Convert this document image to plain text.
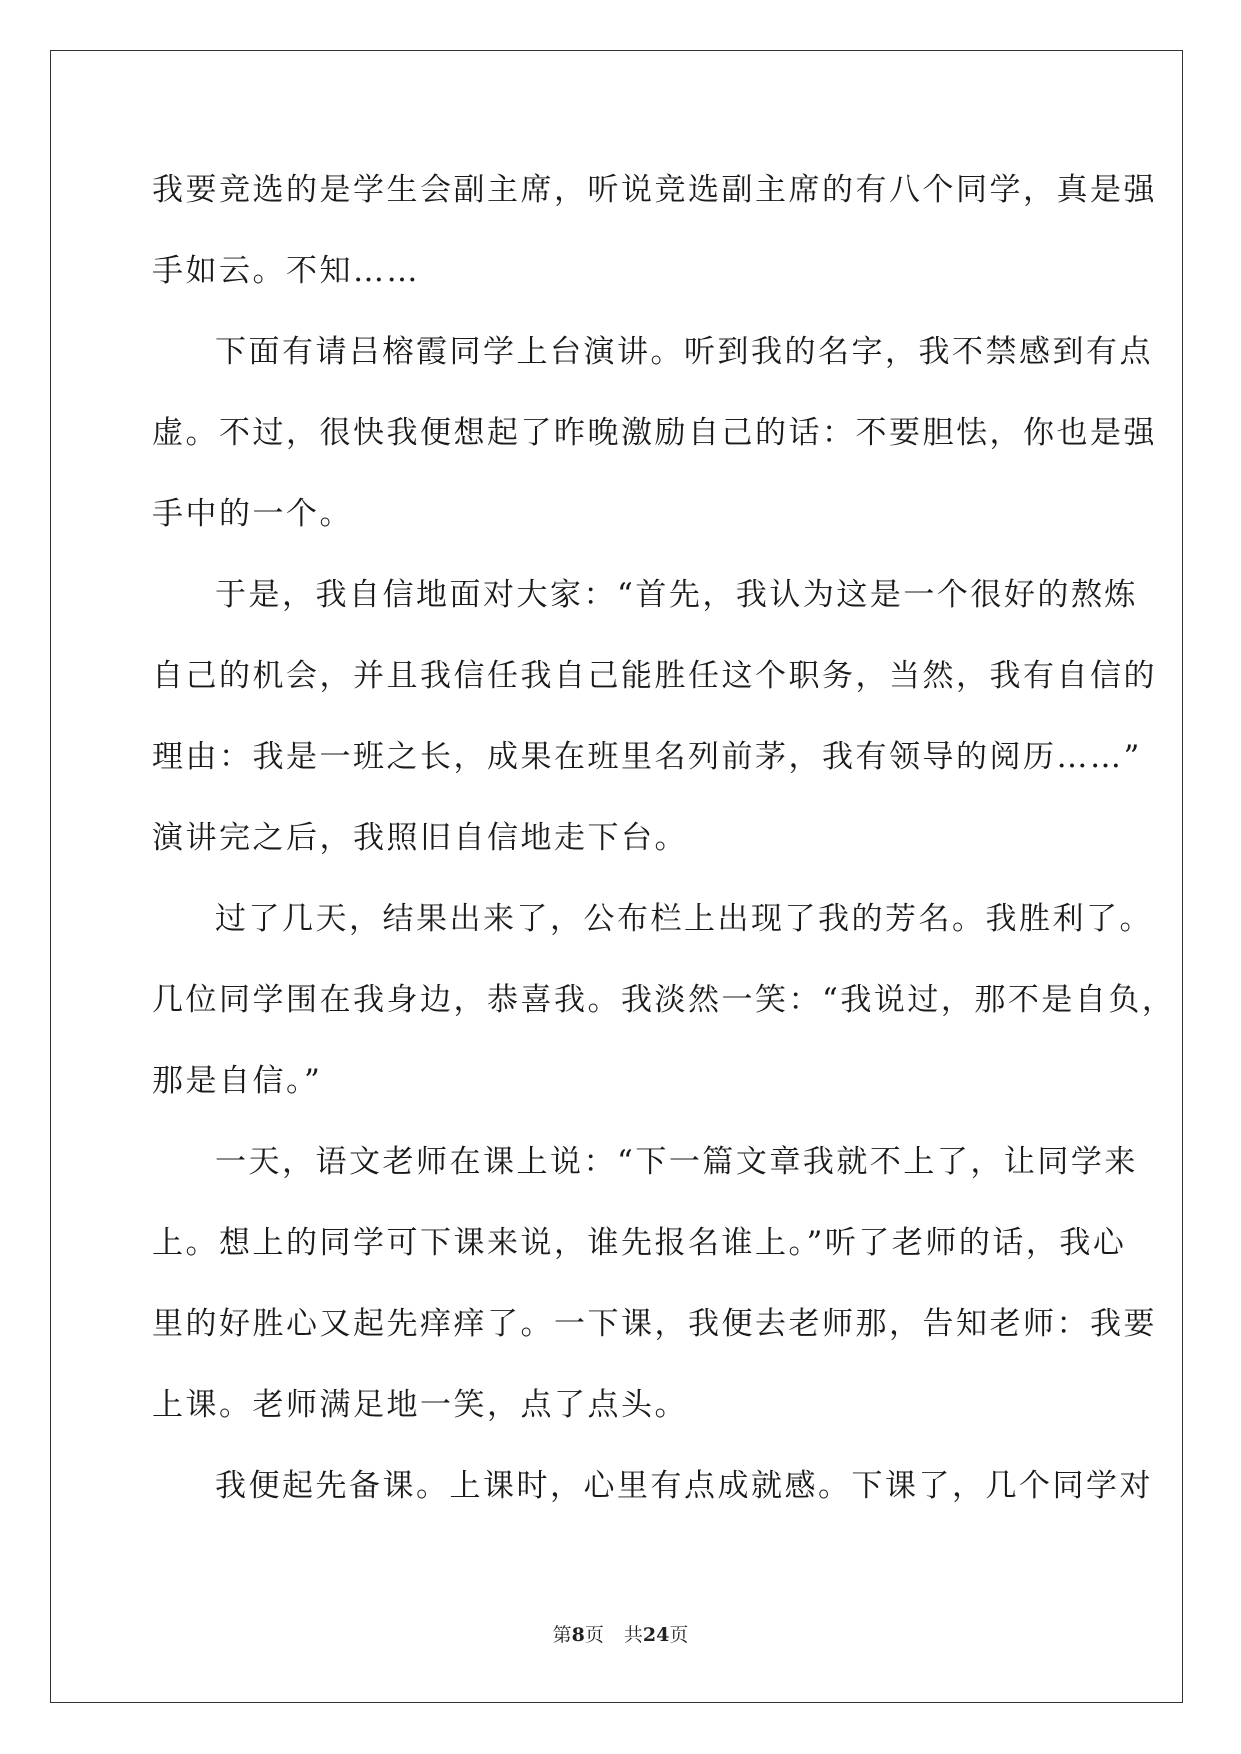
我要竞选的是学生会副主席，听说竞选副主席的有八个同学，真是强
手如云。不知……
下面有请吕榕霞同学上台演讲。听到我的名字，我不禁感到有点
虚。不过，很快我便想起了昨晚激励自己的话：不要胆怯，你也是强
手中的一个。
于是，我自信地面对大家：“首先，我认为这是一个很好的熬炼
自己的机会，并且我信任我自己能胜任这个职务，当然，我有自信的
理由：我是一班之长，成果在班里名列前茅，我有领导的阅历……”
演讲完之后，我照旧自信地走下台。
过了几天，结果出来了，公布栏上出现了我的芳名。我胜利了。
几位同学围在我身边，恭喜我。我淡然一笑：“我说过，那不是自负，
那是自信。”
一天，语文老师在课上说：“下一篇文章我就不上了，让同学来
上。想上的同学可下课来说，谁先报名谁上。”听了老师的话，我心
里的好胜心又起先痒痒了。一下课，我便去老师那，告知老师：我要
上课。老师满足地一笑，点了点头。
我便起先备课。上课时，心里有点成就感。下课了，几个同学对
第8页 共24页
